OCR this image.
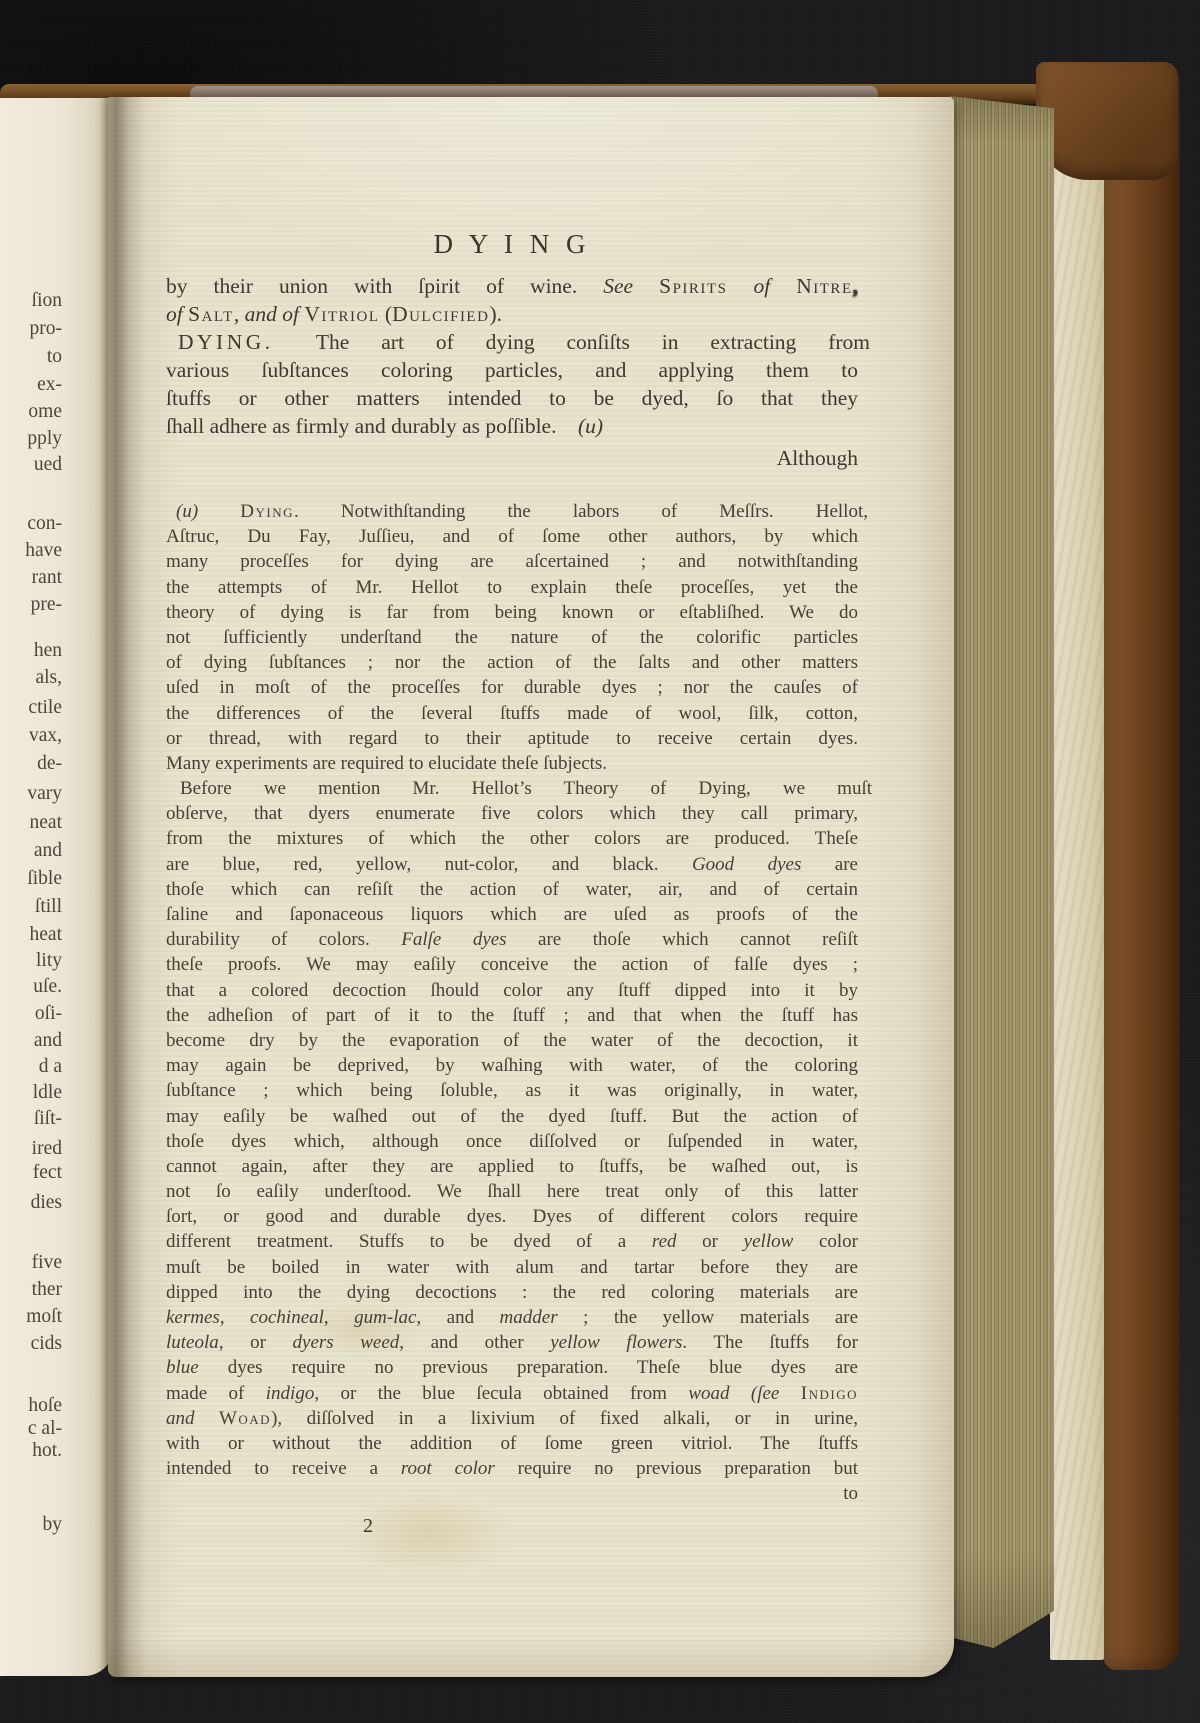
ſion
pro-
to
ex-
ome
pply
ued
con-
have
rant
pre-
hen
als,
ctile
vax,
de-
vary
neat
and
ſible
ſtill
heat
lity
uſe.
oſi-
and
d a
ldle
ſiſt-
ired
fect
dies
five
ther
moſt
cids
hoſe
c al-
hot.
by
D Y I N G
by their union with ſpirit of wine. See Spirits of Nitre,
of Salt, and of Vitriol (Dulcified).
DYING.  The art of dying conſiſts in extracting from
various ſubſtances coloring particles, and applying them to
ſtuffs or other matters intended to be dyed, ſo that they
ſhall adhere as firmly and durably as poſſible.   (u)
Although
(u) Dying. Notwithſtanding the labors of Meſſrs. Hellot,
Aſtruc, Du Fay, Juſſieu, and of ſome other authors, by which
many proceſſes for dying are aſcertained ; and notwithſtanding
the attempts of Mr. Hellot to explain theſe proceſſes, yet the
theory of dying is far from being known or eſtabliſhed. We do
not ſufficiently underſtand the nature of the colorific particles
of dying ſubſtances ; nor the action of the ſalts and other matters
uſed in moſt of the proceſſes for durable dyes ; nor the cauſes of
the differences of the ſeveral ſtuffs made of wool, ſilk, cotton,
or thread, with regard to their aptitude to receive certain dyes.
Many experiments are required to elucidate theſe ſubjects.
Before we mention Mr. Hellot’s Theory of Dying, we muſt
obſerve, that dyers enumerate five colors which they call primary,
from the mixtures of which the other colors are produced. Theſe
are blue, red, yellow, nut-color, and black. Good dyes are
thoſe which can reſiſt the action of water, air, and of certain
ſaline and ſaponaceous liquors which are uſed as proofs of the
durability of colors. Falſe dyes are thoſe which cannot reſiſt
theſe proofs. We may eaſily conceive the action of falſe dyes ;
that a colored decoction ſhould color any ſtuff dipped into it by
the adheſion of part of it to the ſtuff ; and that when the ſtuff has
become dry by the evaporation of the water of the decoction, it
may again be deprived, by waſhing with water, of the coloring
ſubſtance ; which being ſoluble, as it was originally, in water,
may eaſily be waſhed out of the dyed ſtuff. But the action of
thoſe dyes which, although once diſſolved or ſuſpended in water,
cannot again, after they are applied to ſtuffs, be waſhed out, is
not ſo eaſily underſtood. We ſhall here treat only of this latter
ſort, or good and durable dyes. Dyes of different colors require
different treatment. Stuffs to be dyed of a red or yellow color
muſt be boiled in water with alum and tartar before they are
dipped into the dying decoctions : the red coloring materials are
kermes, cochineal, gum-lac, and madder ; the yellow materials are
luteola, or dyers weed, and other yellow flowers. The ſtuffs for
blue dyes require no previous preparation. Theſe blue dyes are
made of indigo, or the blue ſecula obtained from woad (ſee Indigo
and Woad), diſſolved in a lixivium of fixed alkali, or in urine,
with or without the addition of ſome green vitriol. The ſtuffs
intended to receive a root color require no previous preparation but
to
2
